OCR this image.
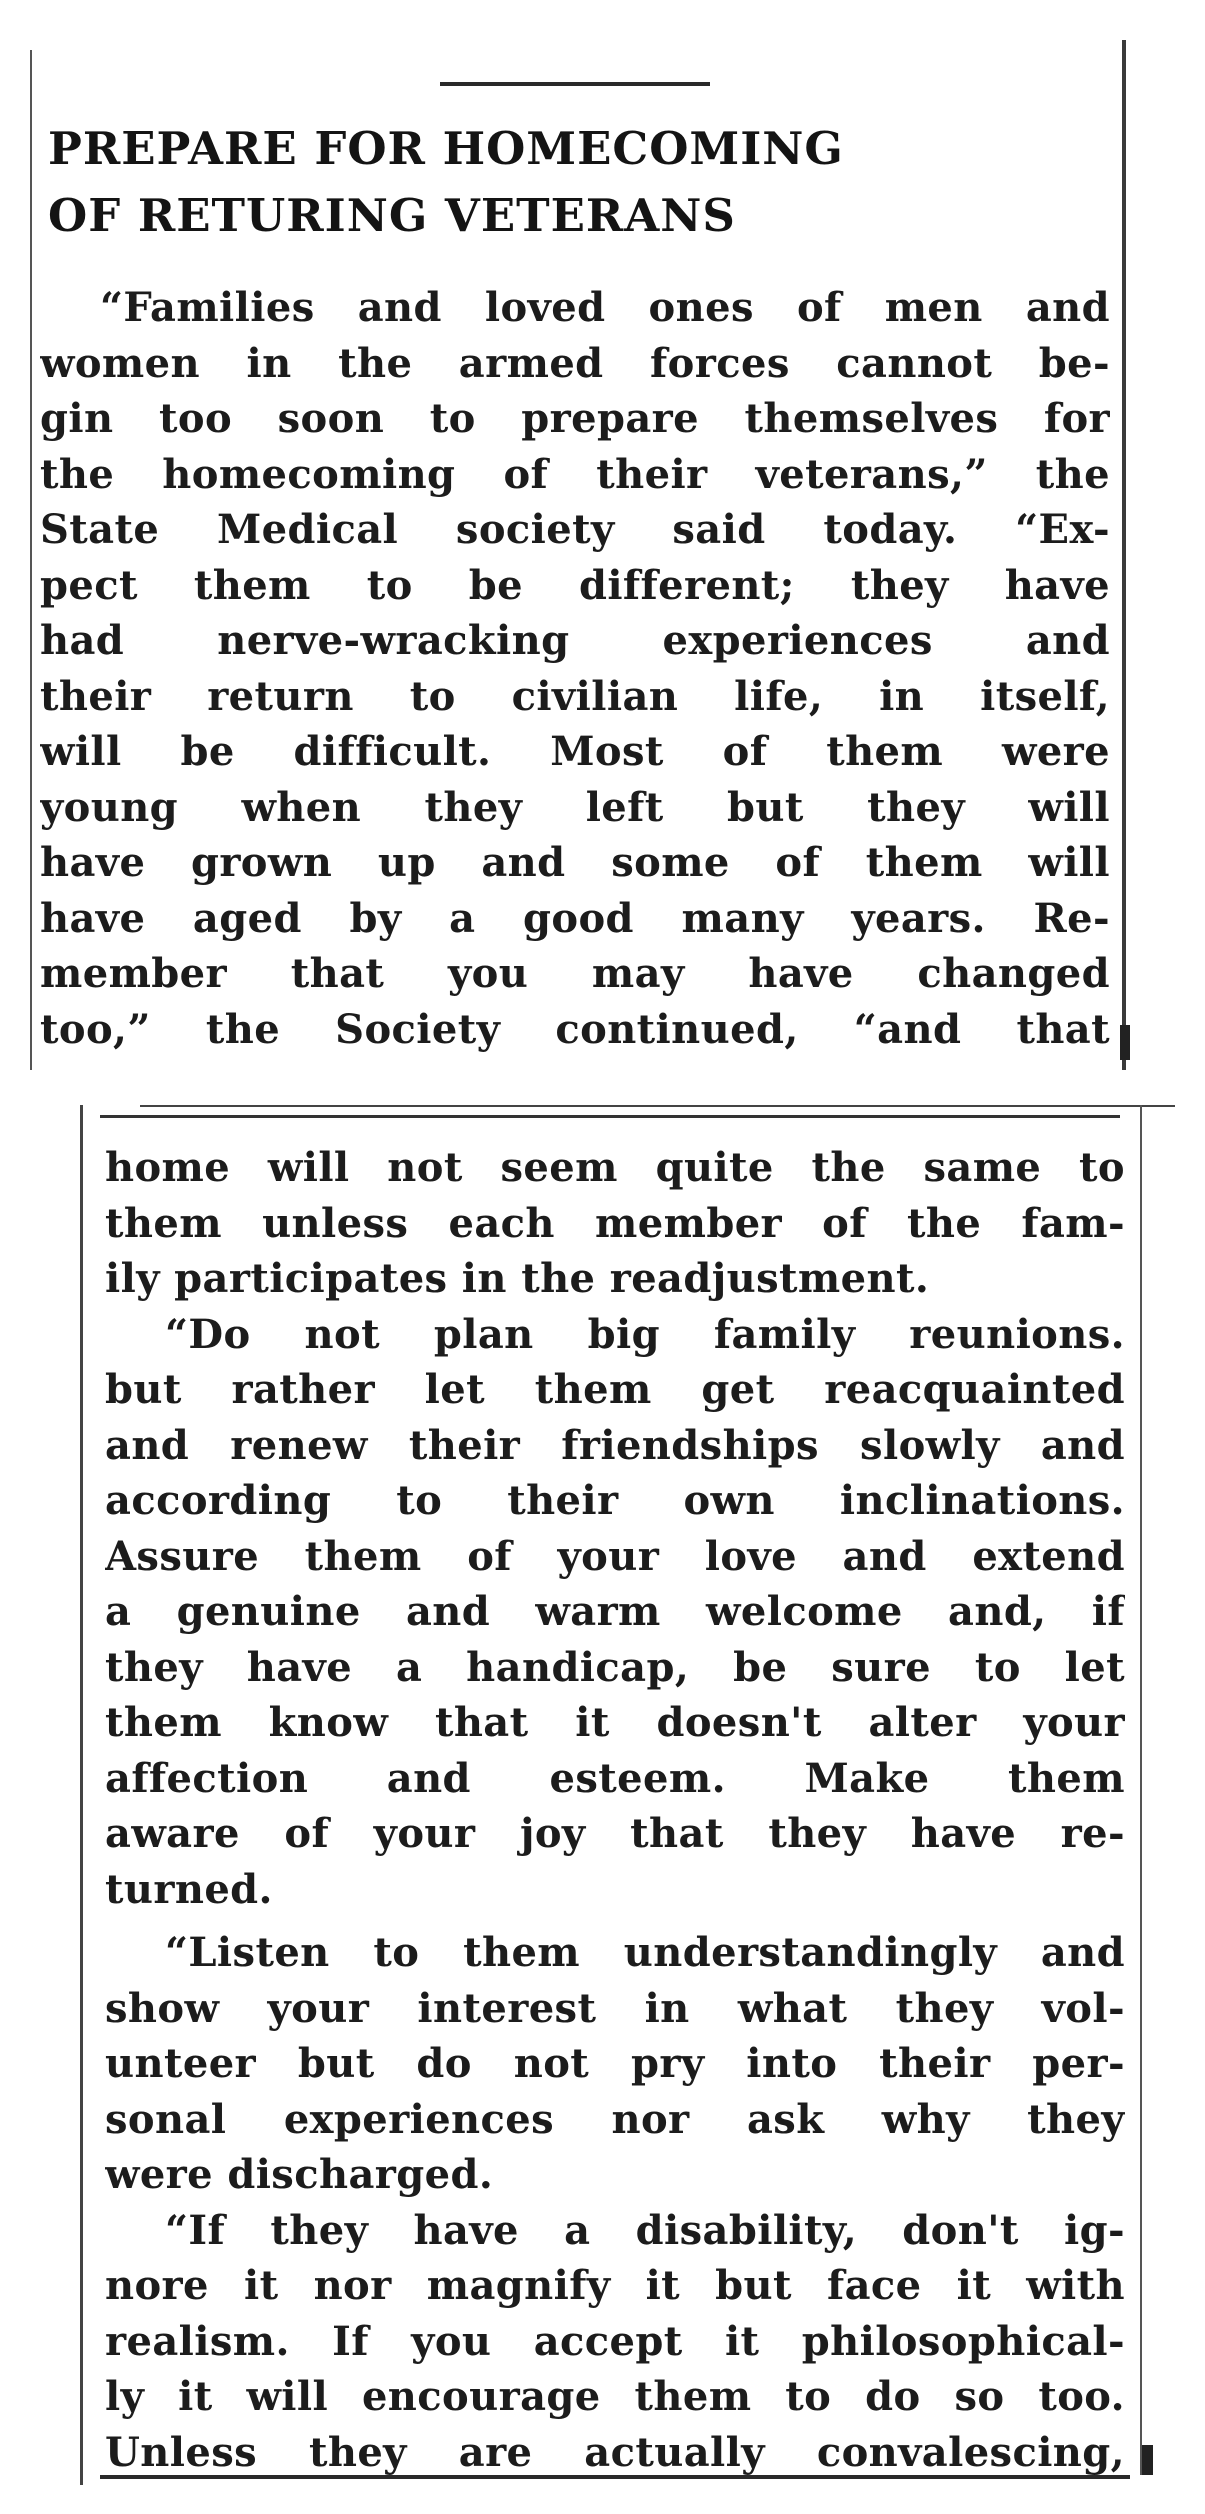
PREPARE FOR HOMECOMING
OF RETURING VETERANS
“Families and loved ones of men and
women in the armed forces cannot be-
gin too soon to prepare themselves for
the homecoming of their veterans,” the
State Medical society said today. “Ex-
pect them to be different; they have
had nerve-wracking experiences and
their return to civilian life, in itself,
will be difficult. Most of them were
young when they left but they will
have grown up and some of them will
have aged by a good many years. Re-
member that you may have changed
too,” the Society continued, “and that
home will not seem quite the same to
them unless each member of the fam-
ily participates in the readjustment.
“Do not plan big family reunions.
but rather let them get reacquainted
and renew their friendships slowly and
according to their own inclinations.
Assure them of your love and extend
a genuine and warm welcome and, if
they have a handicap, be sure to let
them know that it doesn't alter your
affection and esteem. Make them
aware of your joy that they have re-
turned.
“Listen to them understandingly and
show your interest in what they vol-
unteer but do not pry into their per-
sonal experiences nor ask why they
were discharged.
“If they have a disability, don't ig-
nore it nor magnify it but face it with
realism. If you accept it philosophical-
ly it will encourage them to do so too.
Unless they are actually convalescing,
